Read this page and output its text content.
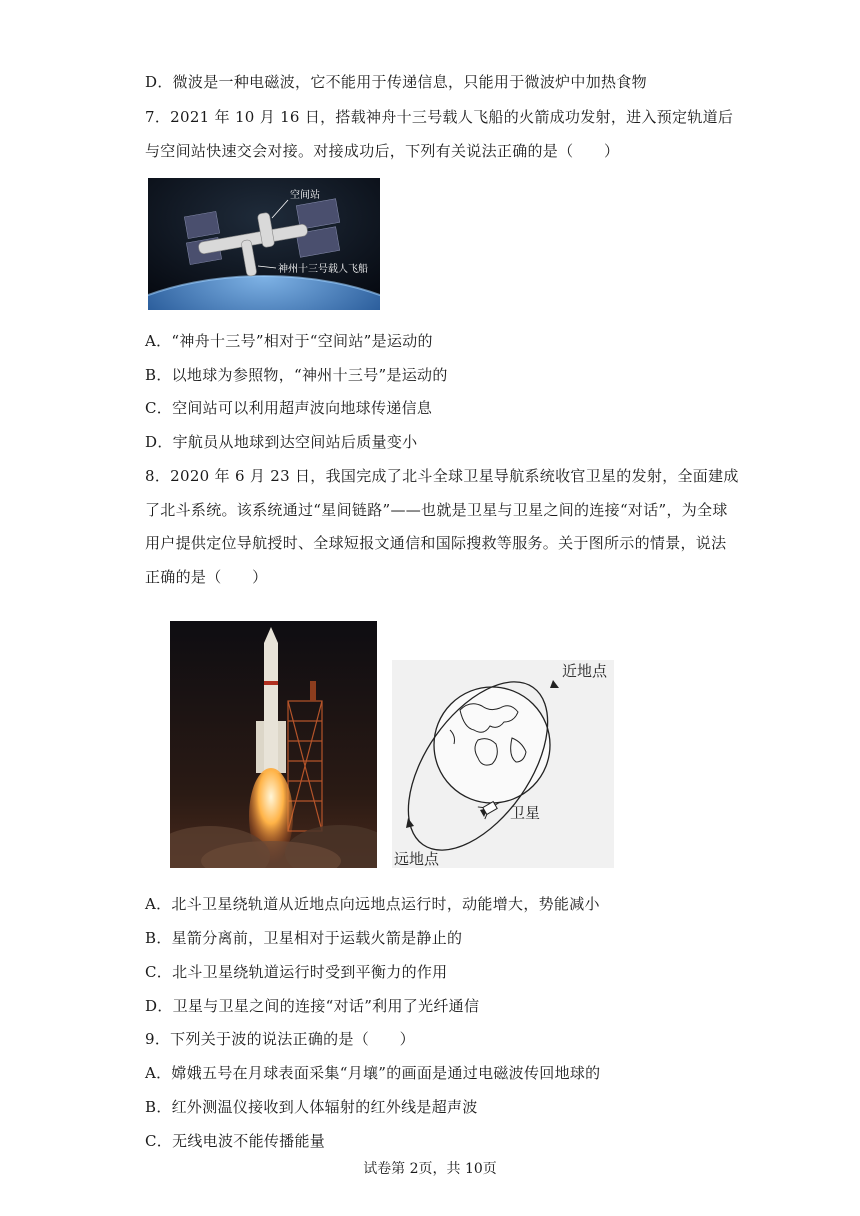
D．微波是一种电磁波，它不能用于传递信息，只能用于微波炉中加热食物
7．2021 年 10 月 16 日，搭载神舟十三号载人飞船的火箭成功发射，进入预定轨道后
与空间站快速交会对接。对接成功后，下列有关说法正确的是（　　）
空间站
神州十三号载人飞船
A．“神舟十三号”相对于“空间站”是运动的
B．以地球为参照物，“神州十三号”是运动的
C．空间站可以利用超声波向地球传递信息
D．宇航员从地球到达空间站后质量变小
8．2020 年 6 月 23 日，我国完成了北斗全球卫星导航系统收官卫星的发射，全面建成
了北斗系统。该系统通过“星间链路”——也就是卫星与卫星之间的连接“对话”，为全球
用户提供定位导航授时、全球短报文通信和国际搜救等服务。关于图所示的情景，说法
正确的是（　　）
近地点
远地点
卫星
A．北斗卫星绕轨道从近地点向远地点运行时，动能增大，势能减小
B．星箭分离前，卫星相对于运载火箭是静止的
C．北斗卫星绕轨道运行时受到平衡力的作用
D．卫星与卫星之间的连接“对话”利用了光纤通信
9．下列关于波的说法正确的是（　　）
A．嫦娥五号在月球表面采集“月壤”的画面是通过电磁波传回地球的
B．红外测温仪接收到人体辐射的红外线是超声波
C．无线电波不能传播能量
试卷第 2页，共 10页
